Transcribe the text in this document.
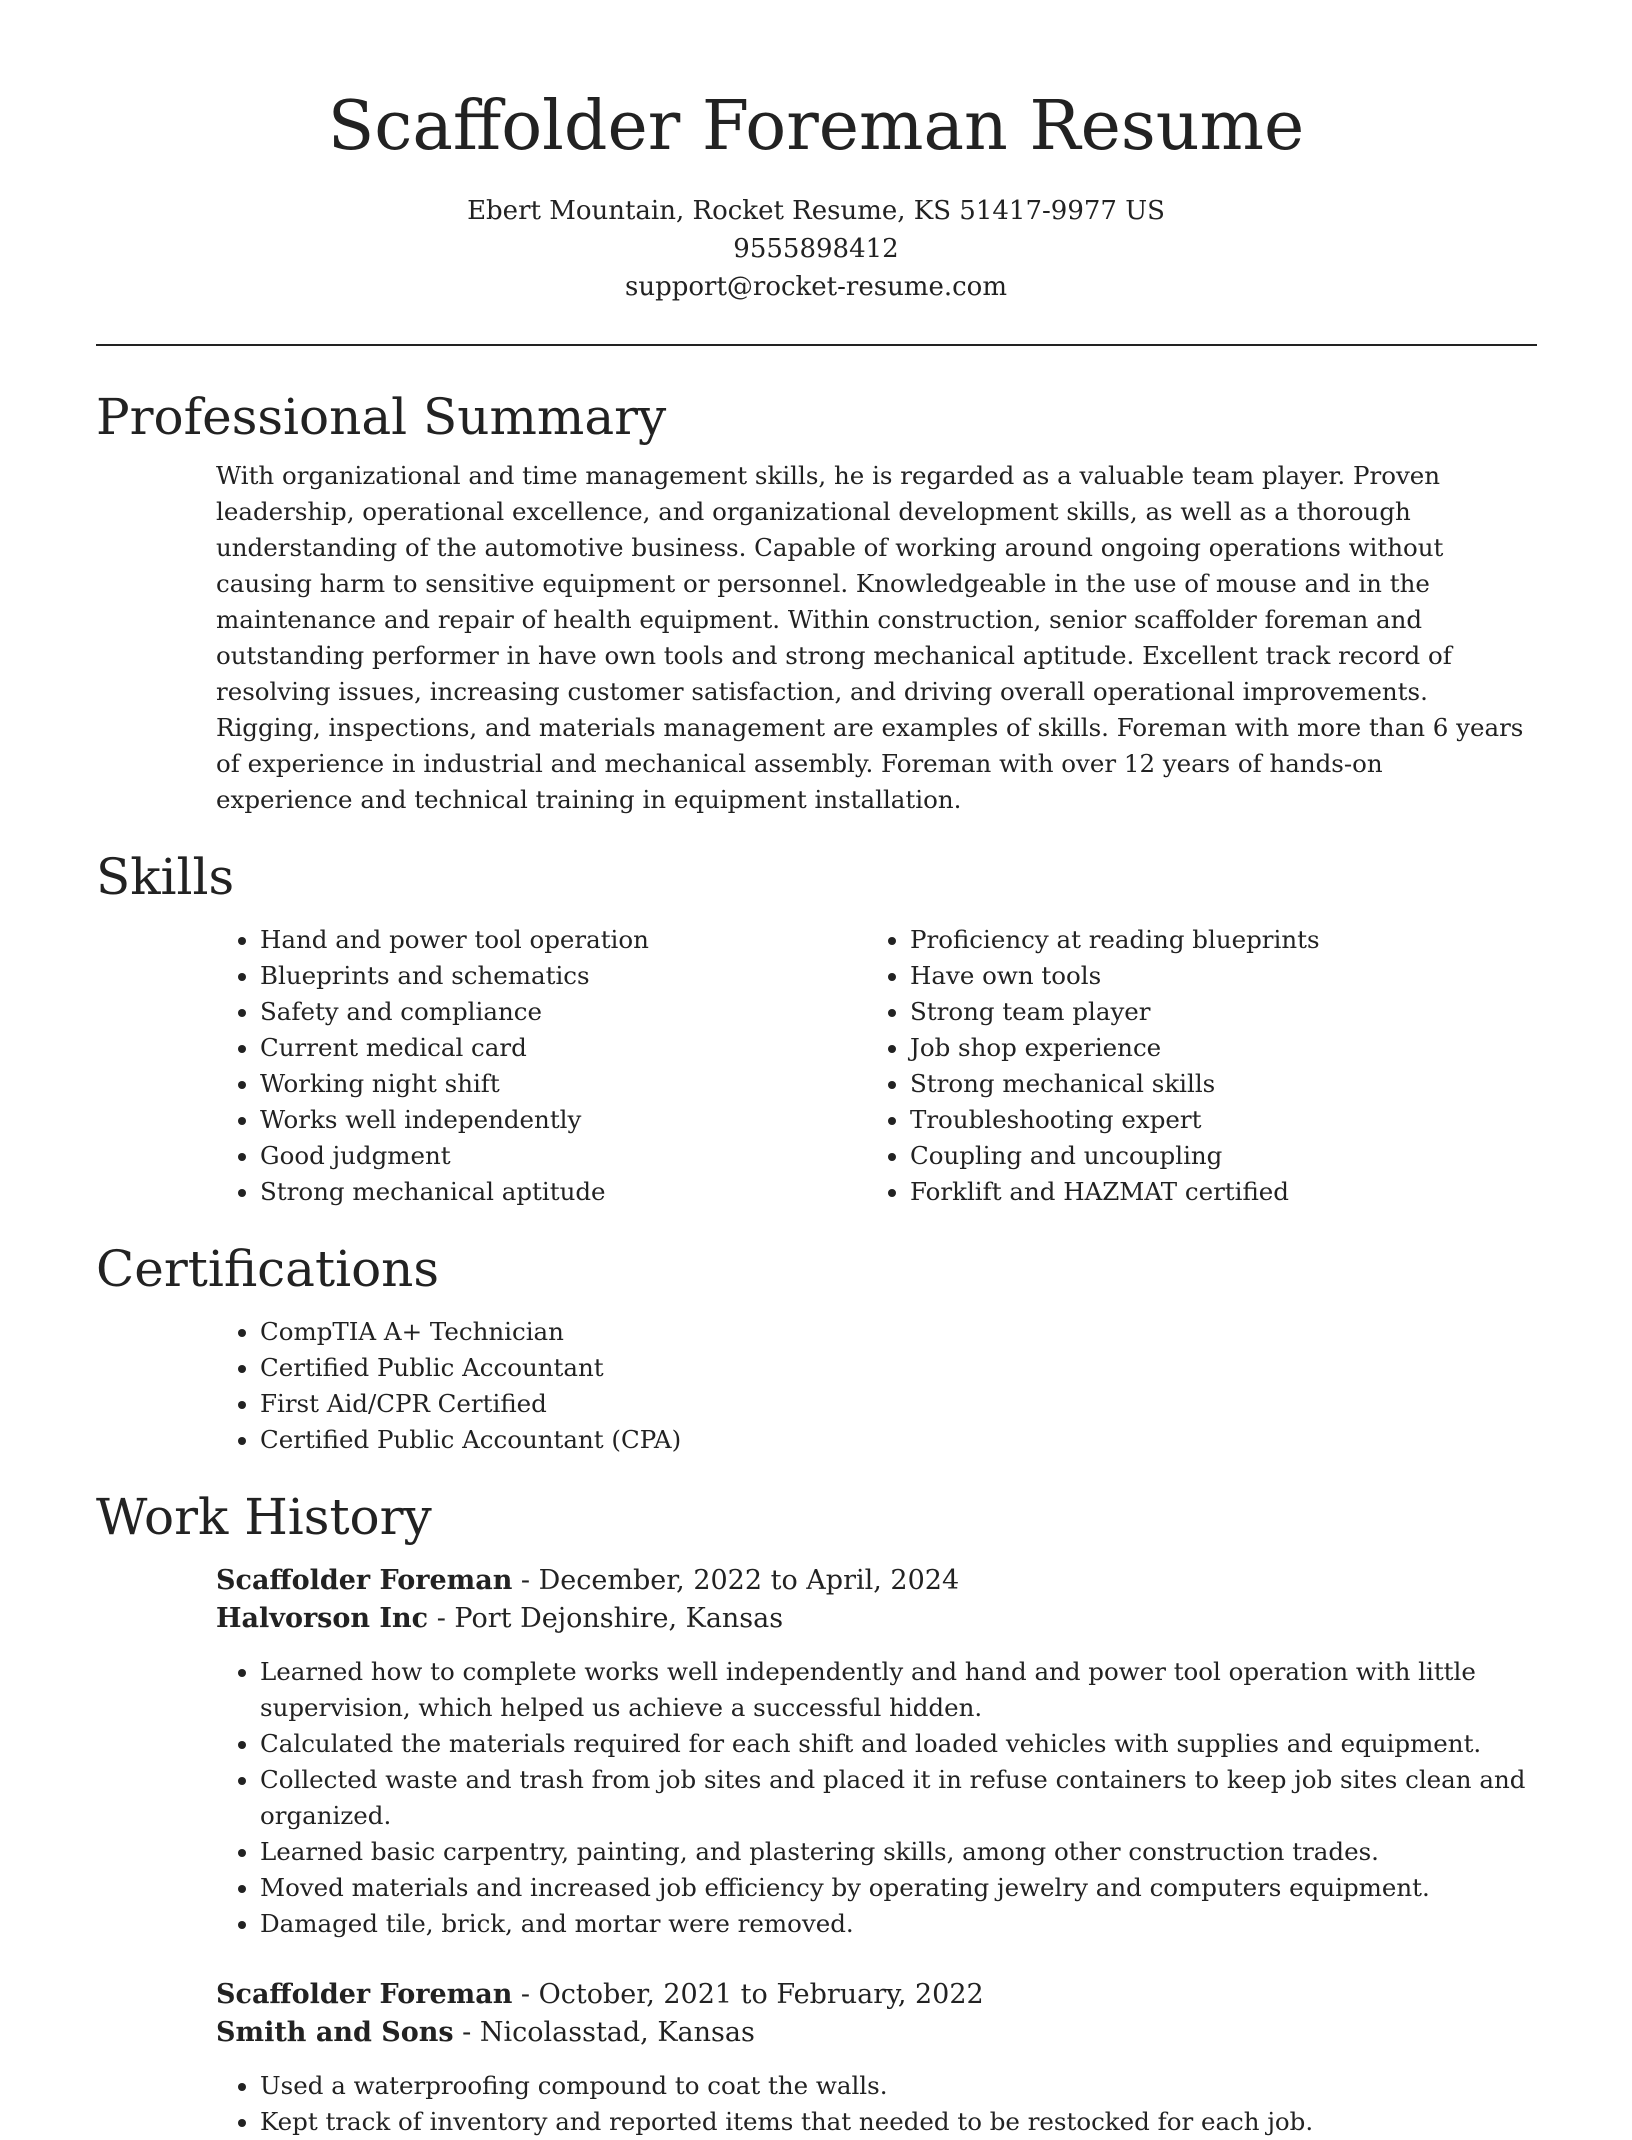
Scaffolder Foreman Resume
Ebert Mountain, Rocket Resume, KS 51417-9977 US
9555898412
support@rocket-resume.com
Professional Summary

With organizational and time management skills, he is regarded as a valuable team player. Proven leadership, operational excellence, and organizational development skills, as well as a thorough understanding of the automotive business. Capable of working around ongoing operations without causing harm to sensitive equipment or personnel. Knowledgeable in the use of mouse and in the maintenance and repair of health equipment. Within construction, senior scaffolder foreman and outstanding performer in have own tools and strong mechanical aptitude. Excellent track record of resolving issues, increasing customer satisfaction, and driving overall operational improvements. Rigging, inspections, and materials management are examples of skills. Foreman with more than 6 years of experience in industrial and mechanical assembly. Foreman with over 12 years of hands-on experience and technical training in equipment installation.

Skills
• Hand and power tool operation
• Blueprints and schematics
• Safety and compliance
• Current medical card
• Working night shift
• Works well independently
• Good judgment
• Strong mechanical aptitude
• Proficiency at reading blueprints
• Have own tools
• Strong team player
• Job shop experience
• Strong mechanical skills
• Troubleshooting expert
• Coupling and uncoupling
• Forklift and HAZMAT certified
Certifications
• CompTIA A+ Technician
• Certified Public Accountant
• First Aid/CPR Certified
• Certified Public Accountant (CPA)
Work History
Scaffolder Foreman - December, 2022 to April, 2024
Halvorson Inc - Port Dejonshire, Kansas
• Learned how to complete works well independently and hand and power tool operation with little supervision, which helped us achieve a successful hidden.
• Calculated the materials required for each shift and loaded vehicles with supplies and equipment.
• Collected waste and trash from job sites and placed it in refuse containers to keep job sites clean and organized.
• Learned basic carpentry, painting, and plastering skills, among other construction trades.
• Moved materials and increased job efficiency by operating jewelry and computers equipment.
• Damaged tile, brick, and mortar were removed.
Scaffolder Foreman - October, 2021 to February, 2022
Smith and Sons - Nicolasstad, Kansas
• Used a waterproofing compound to coat the walls.
• Kept track of inventory and reported items that needed to be restocked for each job.
